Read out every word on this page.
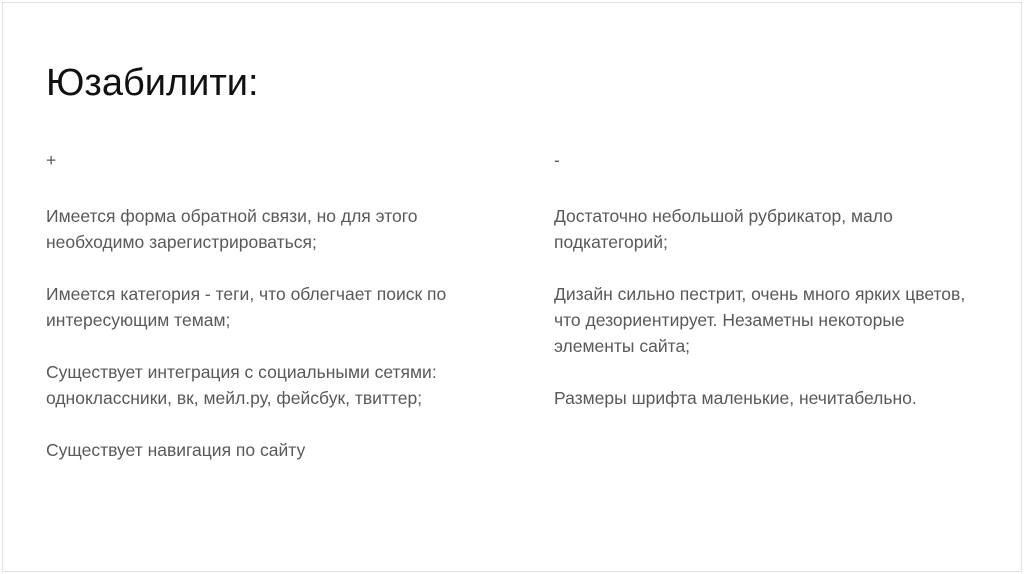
Юзабилити:
+

Имеется форма обратной связи, но для этого необходимо зарегистрироваться;

Имеется категория - теги, что облегчает поиск по интересующим темам;

Существует интеграция с социальными сетями: одноклассники, вк, мейл.ру, фейсбук, твиттер;

Существует навигация по сайту

-

Достаточно небольшой рубрикатор, мало подкатегорий;

Дизайн сильно пестрит, очень много ярких цветов, что дезориентирует. Незаметны некоторые элементы сайта;

Размеры шрифта маленькие, нечитабельно.
